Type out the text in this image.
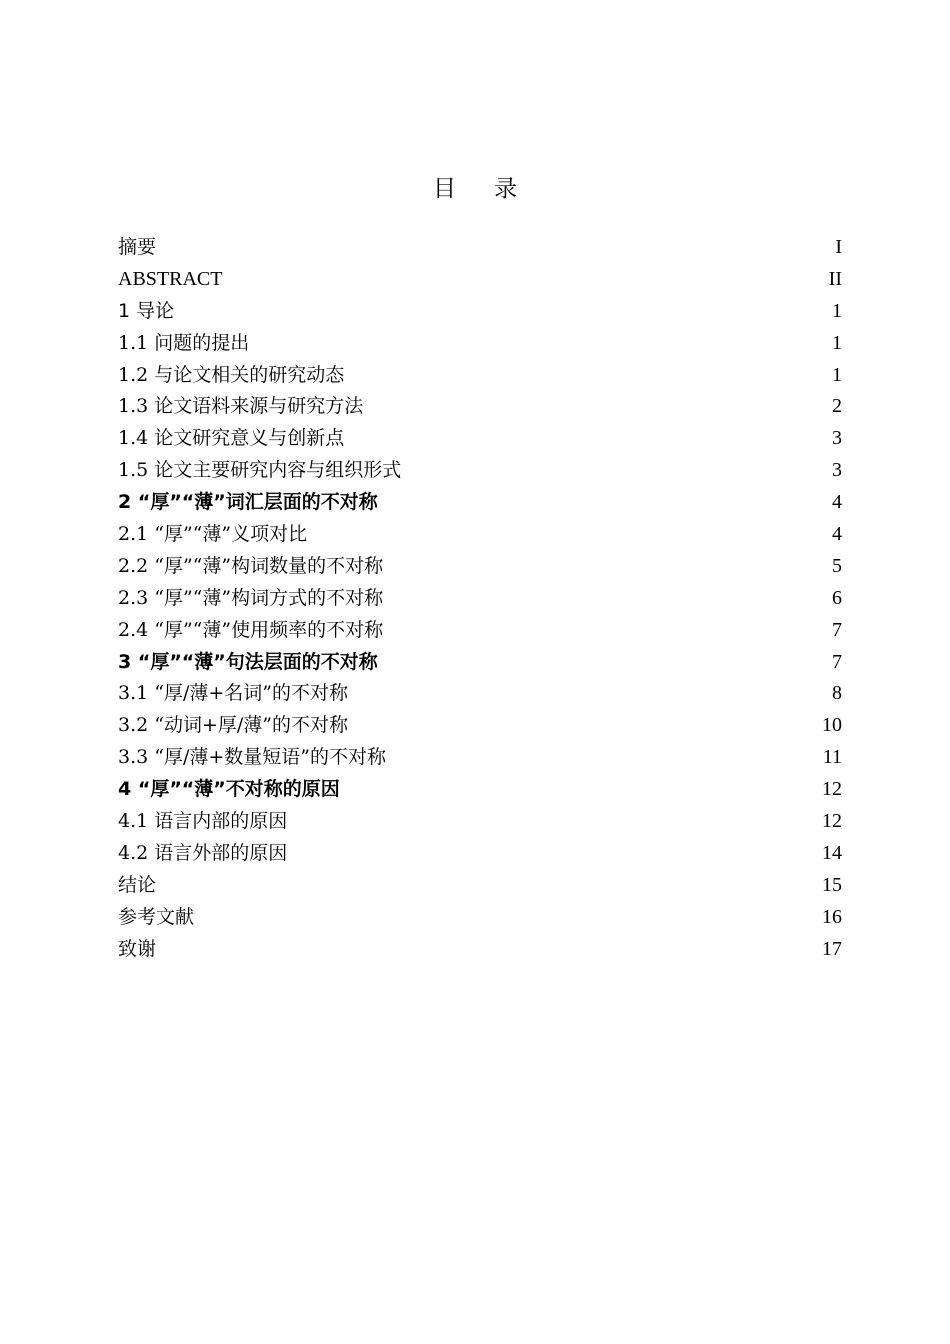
目 录
摘要	I
ABSTRACT	II
1 导论	1
1.1 问题的提出	1
1.2 与论文相关的研究动态	1
1.3 论文语料来源与研究方法	2
1.4 论文研究意义与创新点	3
1.5 论文主要研究内容与组织形式	3
2 “厚”“薄”词汇层面的不对称	4
2.1 “厚”“薄”义项对比	4
2.2 “厚”“薄”构词数量的不对称	5
2.3 “厚”“薄”构词方式的不对称	6
2.4 “厚”“薄”使用频率的不对称	7
3 “厚”“薄”句法层面的不对称	7
3.1 “厚/薄+名词”的不对称	8
3.2 “动词+厚/薄”的不对称	10
3.3 “厚/薄+数量短语”的不对称	11
4 “厚”“薄”不对称的原因	12
4.1 语言内部的原因	12
4.2 语言外部的原因	14
结论	15
参考文献	16
致谢	17
